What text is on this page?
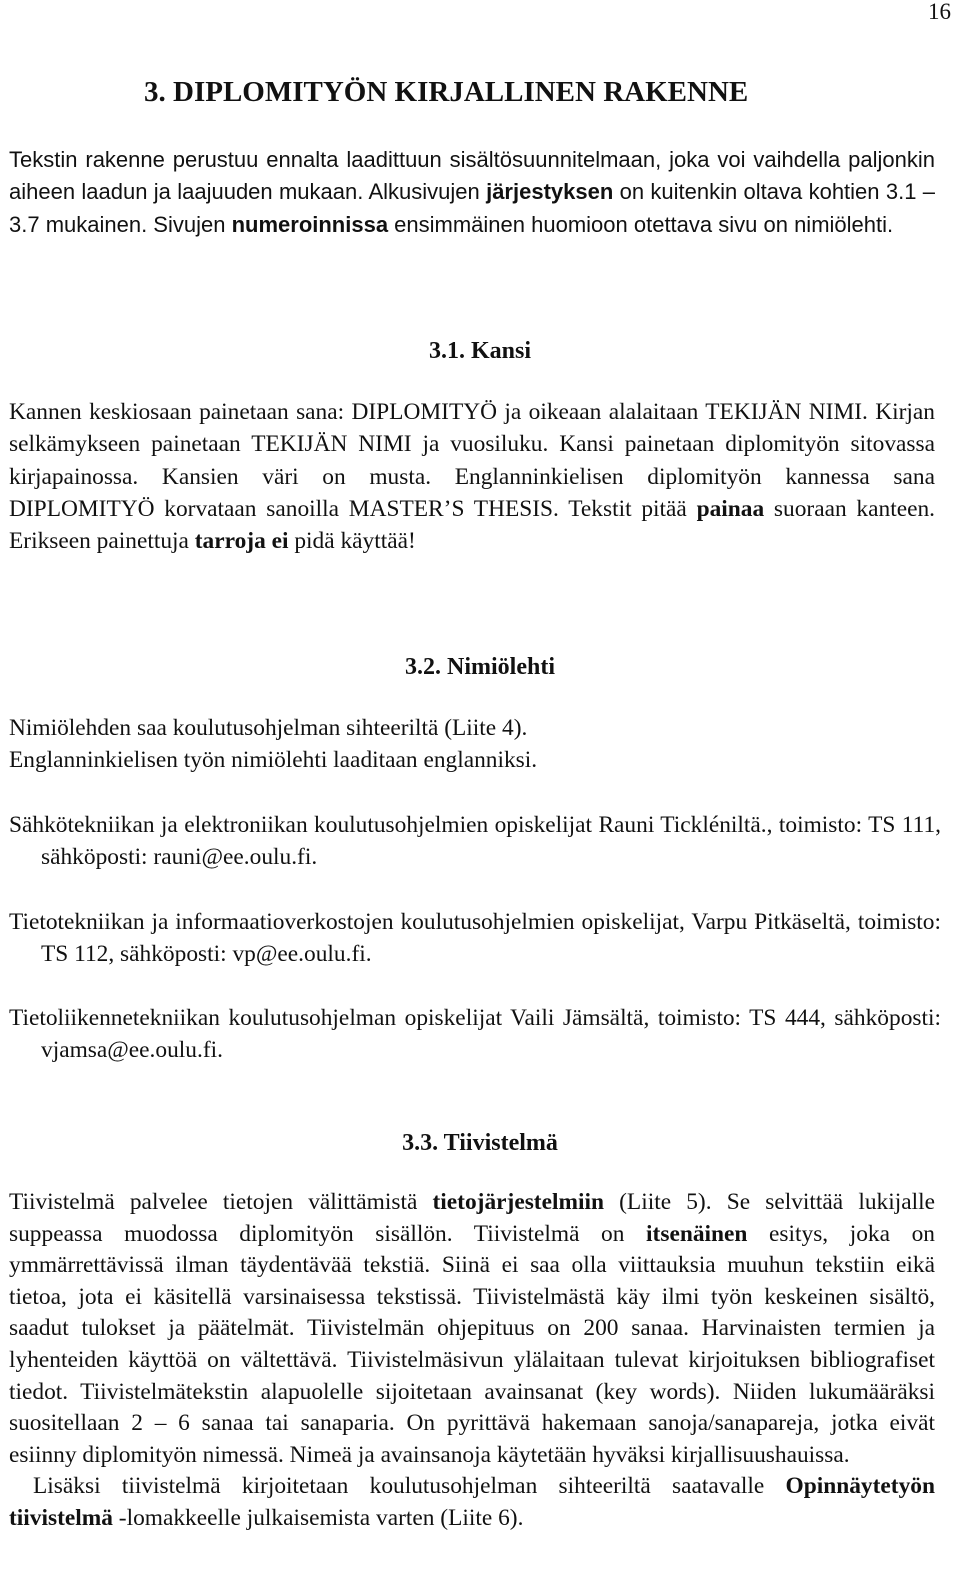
16
3. DIPLOMITYÖN KIRJALLINEN RAKENNE

Tekstin rakenne perustuu ennalta laadittuun sisältösuunnitelmaan, joka voi vaihdella paljonkin aiheen laadun ja laajuuden mukaan. Alkusivujen järjestyksen on kuitenkin oltava kohtien 3.1 – 3.7 mukainen. Sivujen numeroinnissa ensimmäinen huomioon otettava sivu on nimiölehti.

3.1. Kansi

Kannen keskiosaan painetaan sana: DIPLOMITYÖ ja oikeaan alalaitaan TEKIJÄN NIMI. Kirjan selkämykseen painetaan TEKIJÄN NIMI ja vuosiluku. Kansi painetaan diplomityön sitovassa kirjapainossa. Kansien väri on musta. Englanninkielisen diplomityön kannessa sana DIPLOMITYÖ korvataan sanoilla MASTER’S THESIS. Tekstit pitää painaa suoraan kanteen. Erikseen painettuja tarroja ei pidä käyttää!

3.2. Nimiölehti

Nimiölehden saa koulutusohjelman sihteeriltä (Liite 4).
Englanninkielisen työn nimiölehti laaditaan englanniksi.

Sähkötekniikan ja elektroniikan koulutusohjelmien opiskelijat Rauni Tickléniltä., toimisto: TS 111, sähköposti: rauni@ee.oulu.fi.

Tietotekniikan ja informaatioverkostojen koulutusohjelmien opiskelijat, Varpu Pitkäseltä, toimisto: TS 112, sähköposti: vp@ee.oulu.fi.

Tietoliikennetekniikan koulutusohjelman opiskelijat Vaili Jämsältä, toimisto: TS 444, sähköposti: vjamsa@ee.oulu.fi.

3.3. Tiivistelmä

Tiivistelmä palvelee tietojen välittämistä tietojärjestelmiin (Liite 5). Se selvittää lukijalle suppeassa muodossa diplomityön sisällön. Tiivistelmä on itsenäinen esitys, joka on ymmärrettävissä ilman täydentävää tekstiä. Siinä ei saa olla viittauksia muuhun tekstiin eikä tietoa, jota ei käsitellä varsinaisessa tekstissä. Tiivistelmästä käy ilmi työn keskeinen sisältö, saadut tulokset ja päätelmät. Tiivistelmän ohjepituus on 200 sanaa. Harvinaisten termien ja lyhenteiden käyttöä on vältettävä. Tiivistelmäsivun ylälaitaan tulevat kirjoituksen bibliografiset tiedot. Tiivistelmätekstin alapuolelle sijoitetaan avainsanat (key words). Niiden lukumääräksi suositellaan 2 – 6 sanaa tai sanaparia. On pyrittävä hakemaan sanoja/sanapareja, jotka eivät esiinny diplomityön nimessä. Nimeä ja avainsanoja käytetään hyväksi kirjallisuushauissa.
Lisäksi tiivistelmä kirjoitetaan koulutusohjelman sihteeriltä saatavalle Opinnäytetyön tiivistelmä -lomakkeelle julkaisemista varten (Liite 6).
